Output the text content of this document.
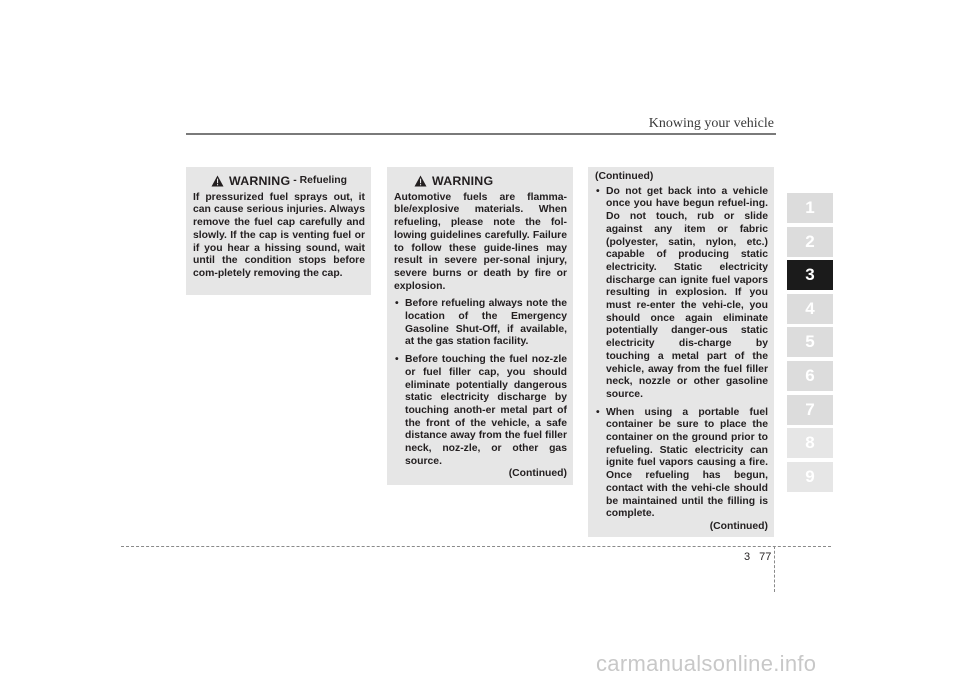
Knowing your vehicle
WARNING - Refueling
If pressurized fuel sprays out, it can cause serious injuries. Always remove the fuel cap carefully and slowly. If the cap is venting fuel or if you hear a hissing sound, wait until the condition stops before com-pletely removing the cap.
WARNING
Automotive fuels are flamma-ble/explosive materials. When refueling, please note the fol-lowing guidelines carefully. Failure to follow these guide-lines may result in severe per-sonal injury, severe burns or death by fire or explosion.
• Before refueling always note the location of the Emergency Gasoline Shut-Off, if available, at the gas station facility.
• Before touching the fuel noz-zle or fuel filler cap, you should eliminate potentially dangerous static electricity discharge by touching anoth-er metal part of the front of the vehicle, a safe distance away from the fuel filler neck, noz-zle, or other gas source.
(Continued)
(Continued)
• Do not get back into a vehicle once you have begun refuel-ing. Do not touch, rub or slide against any item or fabric (polyester, satin, nylon, etc.) capable of producing static electricity. Static electricity discharge can ignite fuel vapors resulting in explosion. If you must re-enter the vehi-cle, you should once again eliminate potentially danger-ous static electricity dis-charge by touching a metal part of the vehicle, away from the fuel filler neck, nozzle or other gasoline source.
• When using a portable fuel container be sure to place the container on the ground prior to refueling. Static electricity can ignite fuel vapors causing a fire. Once refueling has begun, contact with the vehi-cle should be maintained until the filling is complete.
(Continued)
1
2
3
4
5
6
7
8
9
3 77
carmanualsonline.info
